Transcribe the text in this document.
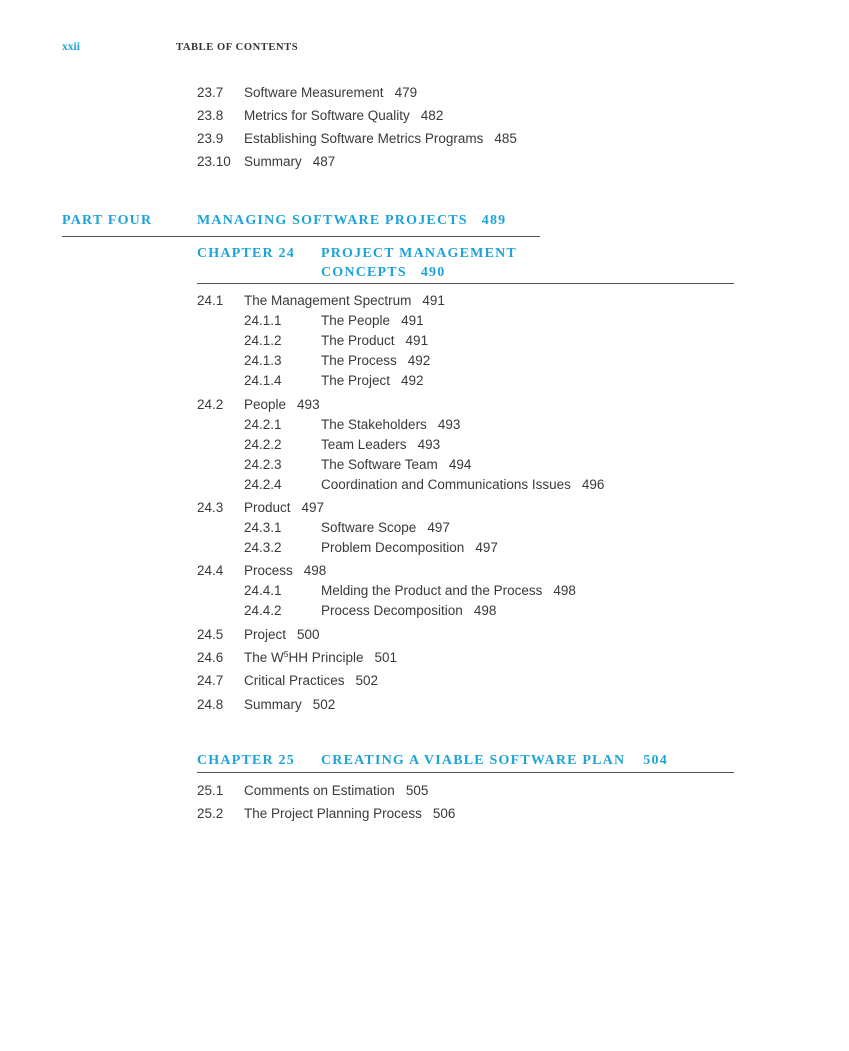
xxii	TABLE OF CONTENTS
23.7 Software Measurement 479
23.8 Metrics for Software Quality 482
23.9 Establishing Software Metrics Programs 485
23.10 Summary 487
PART FOUR	MANAGING SOFTWARE PROJECTS 489
CHAPTER 24 PROJECT MANAGEMENT
CONCEPTS 490
24.1 The Management Spectrum 491
24.1.1	The People 491
24.1.2	The Product 491
24.1.3	The Process 492
24.1.4	The Project 492
24.2 People 493
24.2.1	The Stakeholders 493
24.2.2	Team Leaders 493
24.2.3	The Software Team 494
24.2.4	Coordination and Communications Issues 496
24.3 Product 497
24.3.1	Software Scope 497
24.3.2	Problem Decomposition 497
24.4 Process 498
24.4.1	Melding the Product and the Process 498
24.4.2	Process Decomposition 498
24.5 Project 500
24.6 The $W^5HH$ Principle 501
24.7 Critical Practices 502
24.8 Summary 502
CHAPTER 25 CREATING A VIABLE SOFTWARE PLAN 504
25.1 Comments on Estimation 505
25.2 The Project Planning Process 506
